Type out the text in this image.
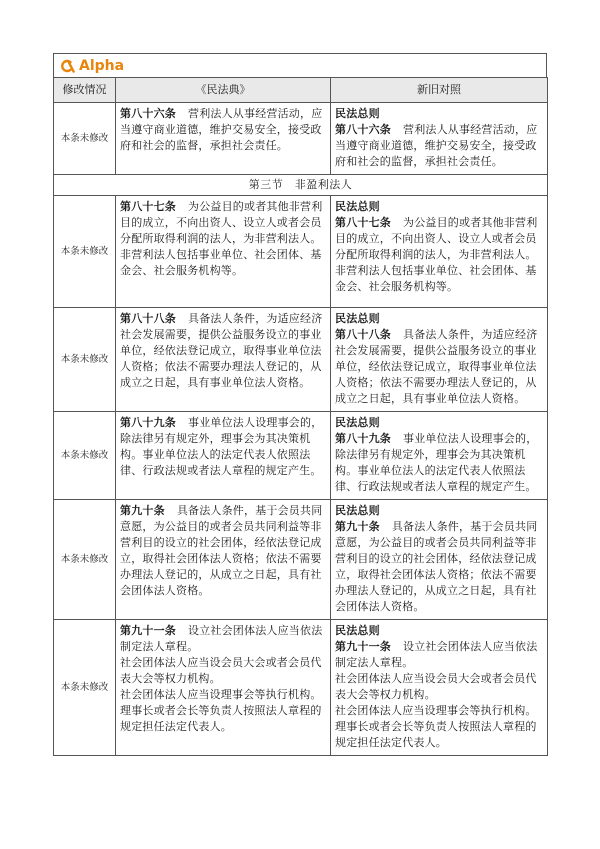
Alpha
修改情况	《民法典》	新旧对照
本条未修改	第八十六条 营利法人从事经营活动，应当遵守商业道德，维护交易安全，接受政府和社会的监督，承担社会责任。	民法总则
第八十六条 营利法人从事经营活动，应当遵守商业道德，维护交易安全，接受政府和社会的监督，承担社会责任。
第三节　非盈利法人		
本条未修改	第八十七条 为公益目的或者其他非营利目的成立，不向出资人、设立人或者会员分配所取得利润的法人，为非营利法人。
非营利法人包括事业单位、社会团体、基金会、社会服务机构等。	民法总则
第八十七条 为公益目的或者其他非营利目的成立，不向出资人、设立人或者会员分配所取得利润的法人，为非营利法人。
非营利法人包括事业单位、社会团体、基金会、社会服务机构等。

本条未修改	第八十八条 具备法人条件，为适应经济社会发展需要，提供公益服务设立的事业单位，经依法登记成立，取得事业单位法人资格；依法不需要办理法人登记的，从成立之日起，具有事业单位法人资格。	民法总则
第八十八条 具备法人条件，为适应经济社会发展需要，提供公益服务设立的事业单位，经依法登记成立，取得事业单位法人资格；依法不需要办理法人登记的，从成立之日起，具有事业单位法人资格。
本条未修改	第八十九条 事业单位法人设理事会的，除法律另有规定外，理事会为其决策机构。事业单位法人的法定代表人依照法律、行政法规或者法人章程的规定产生。	民法总则
第八十九条 事业单位法人设理事会的，除法律另有规定外，理事会为其决策机构。事业单位法人的法定代表人依照法律、行政法规或者法人章程的规定产生。
本条未修改	第九十条 具备法人条件，基于会员共同意愿，为公益目的或者会员共同利益等非营利目的设立的社会团体，经依法登记成立，取得社会团体法人资格；依法不需要办理法人登记的，从成立之日起，具有社会团体法人资格。	民法总则
第九十条 具备法人条件，基于会员共同意愿，为公益目的或者会员共同利益等非营利目的设立的社会团体，经依法登记成立，取得社会团体法人资格；依法不需要办理法人登记的，从成立之日起，具有社会团体法人资格。
本条未修改	第九十一条 设立社会团体法人应当依法制定法人章程。
社会团体法人应当设会员大会或者会员代表大会等权力机构。
社会团体法人应当设理事会等执行机构。理事长或者会长等负责人按照法人章程的规定担任法定代表人。	民法总则
第九十一条 设立社会团体法人应当依法制定法人章程。
社会团体法人应当设会员大会或者会员代表大会等权力机构。
社会团体法人应当设理事会等执行机构。
理事长或者会长等负责人按照法人章程的规定担任法定代表人。
